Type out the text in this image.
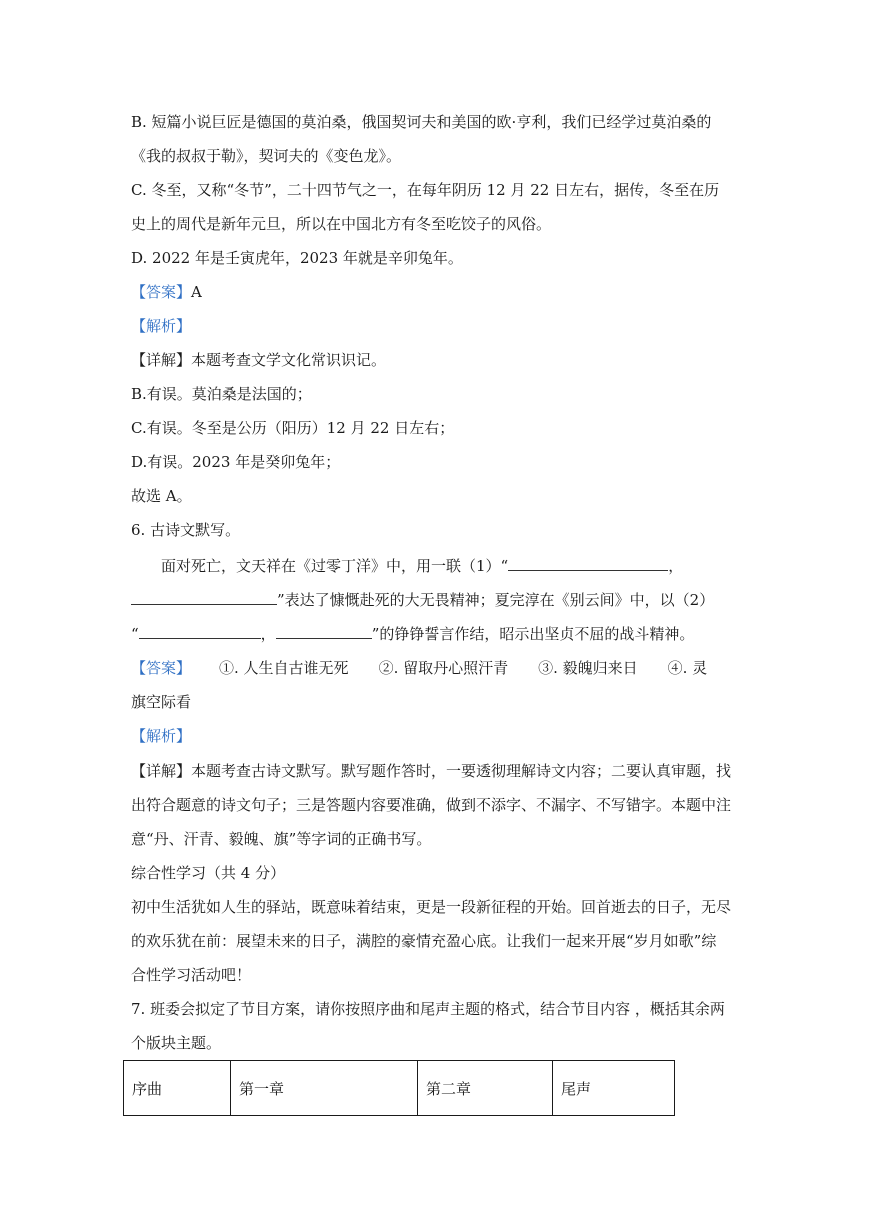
B. 短篇小说巨匠是德国的莫泊桑，俄国契诃夫和美国的欧·亨利，我们已经学过莫泊桑的
《我的叔叔于勒》，契诃夫的《变色龙》。
C. 冬至，又称“冬节”，二十四节气之一，在每年阴历 12 月 22 日左右，据传，冬至在历
史上的周代是新年元旦，所以在中国北方有冬至吃饺子的风俗。
D. 2022 年是壬寅虎年，2023 年就是辛卯兔年。
【答案】A
【解析】
【详解】本题考查文学文化常识识记。
B.有误。莫泊桑是法国的；
C.有误。冬至是公历（阳历）12 月 22 日左右；
D.有误。2023 年是癸卯兔年；
故选 A。
6. 古诗文默写。
面对死亡，文天祥在《过零丁洋》中，用一联（1）“	，
”表达了慷慨赴死的大无畏精神；夏完淳在《别云间》中，以（2）
“	，	”的铮铮誓言作结，昭示出坚贞不屈的战斗精神。
【答案】 ①. 人生自古谁无死 ②. 留取丹心照汗青 ③. 毅魄归来日 ④. 灵
旗空际看
【解析】
【详解】本题考查古诗文默写。默写题作答时，一要透彻理解诗文内容；二要认真审题，找
出符合题意的诗文句子；三是答题内容要准确，做到不添字、不漏字、不写错字。本题中注
意“丹、汗青、毅魄、旗”等字词的正确书写。
综合性学习（共 4 分）
初中生活犹如人生的驿站，既意味着结束，更是一段新征程的开始。回首逝去的日子，无尽
的欢乐犹在前：展望未来的日子，满腔的豪情充盈心底。让我们一起来开展“岁月如歌”综
合性学习活动吧！
7. 班委会拟定了节目方案，请你按照序曲和尾声主题的格式，结合节目内容 ，概括其余两
个版块主题。
序曲	第一章	第二章	尾声
